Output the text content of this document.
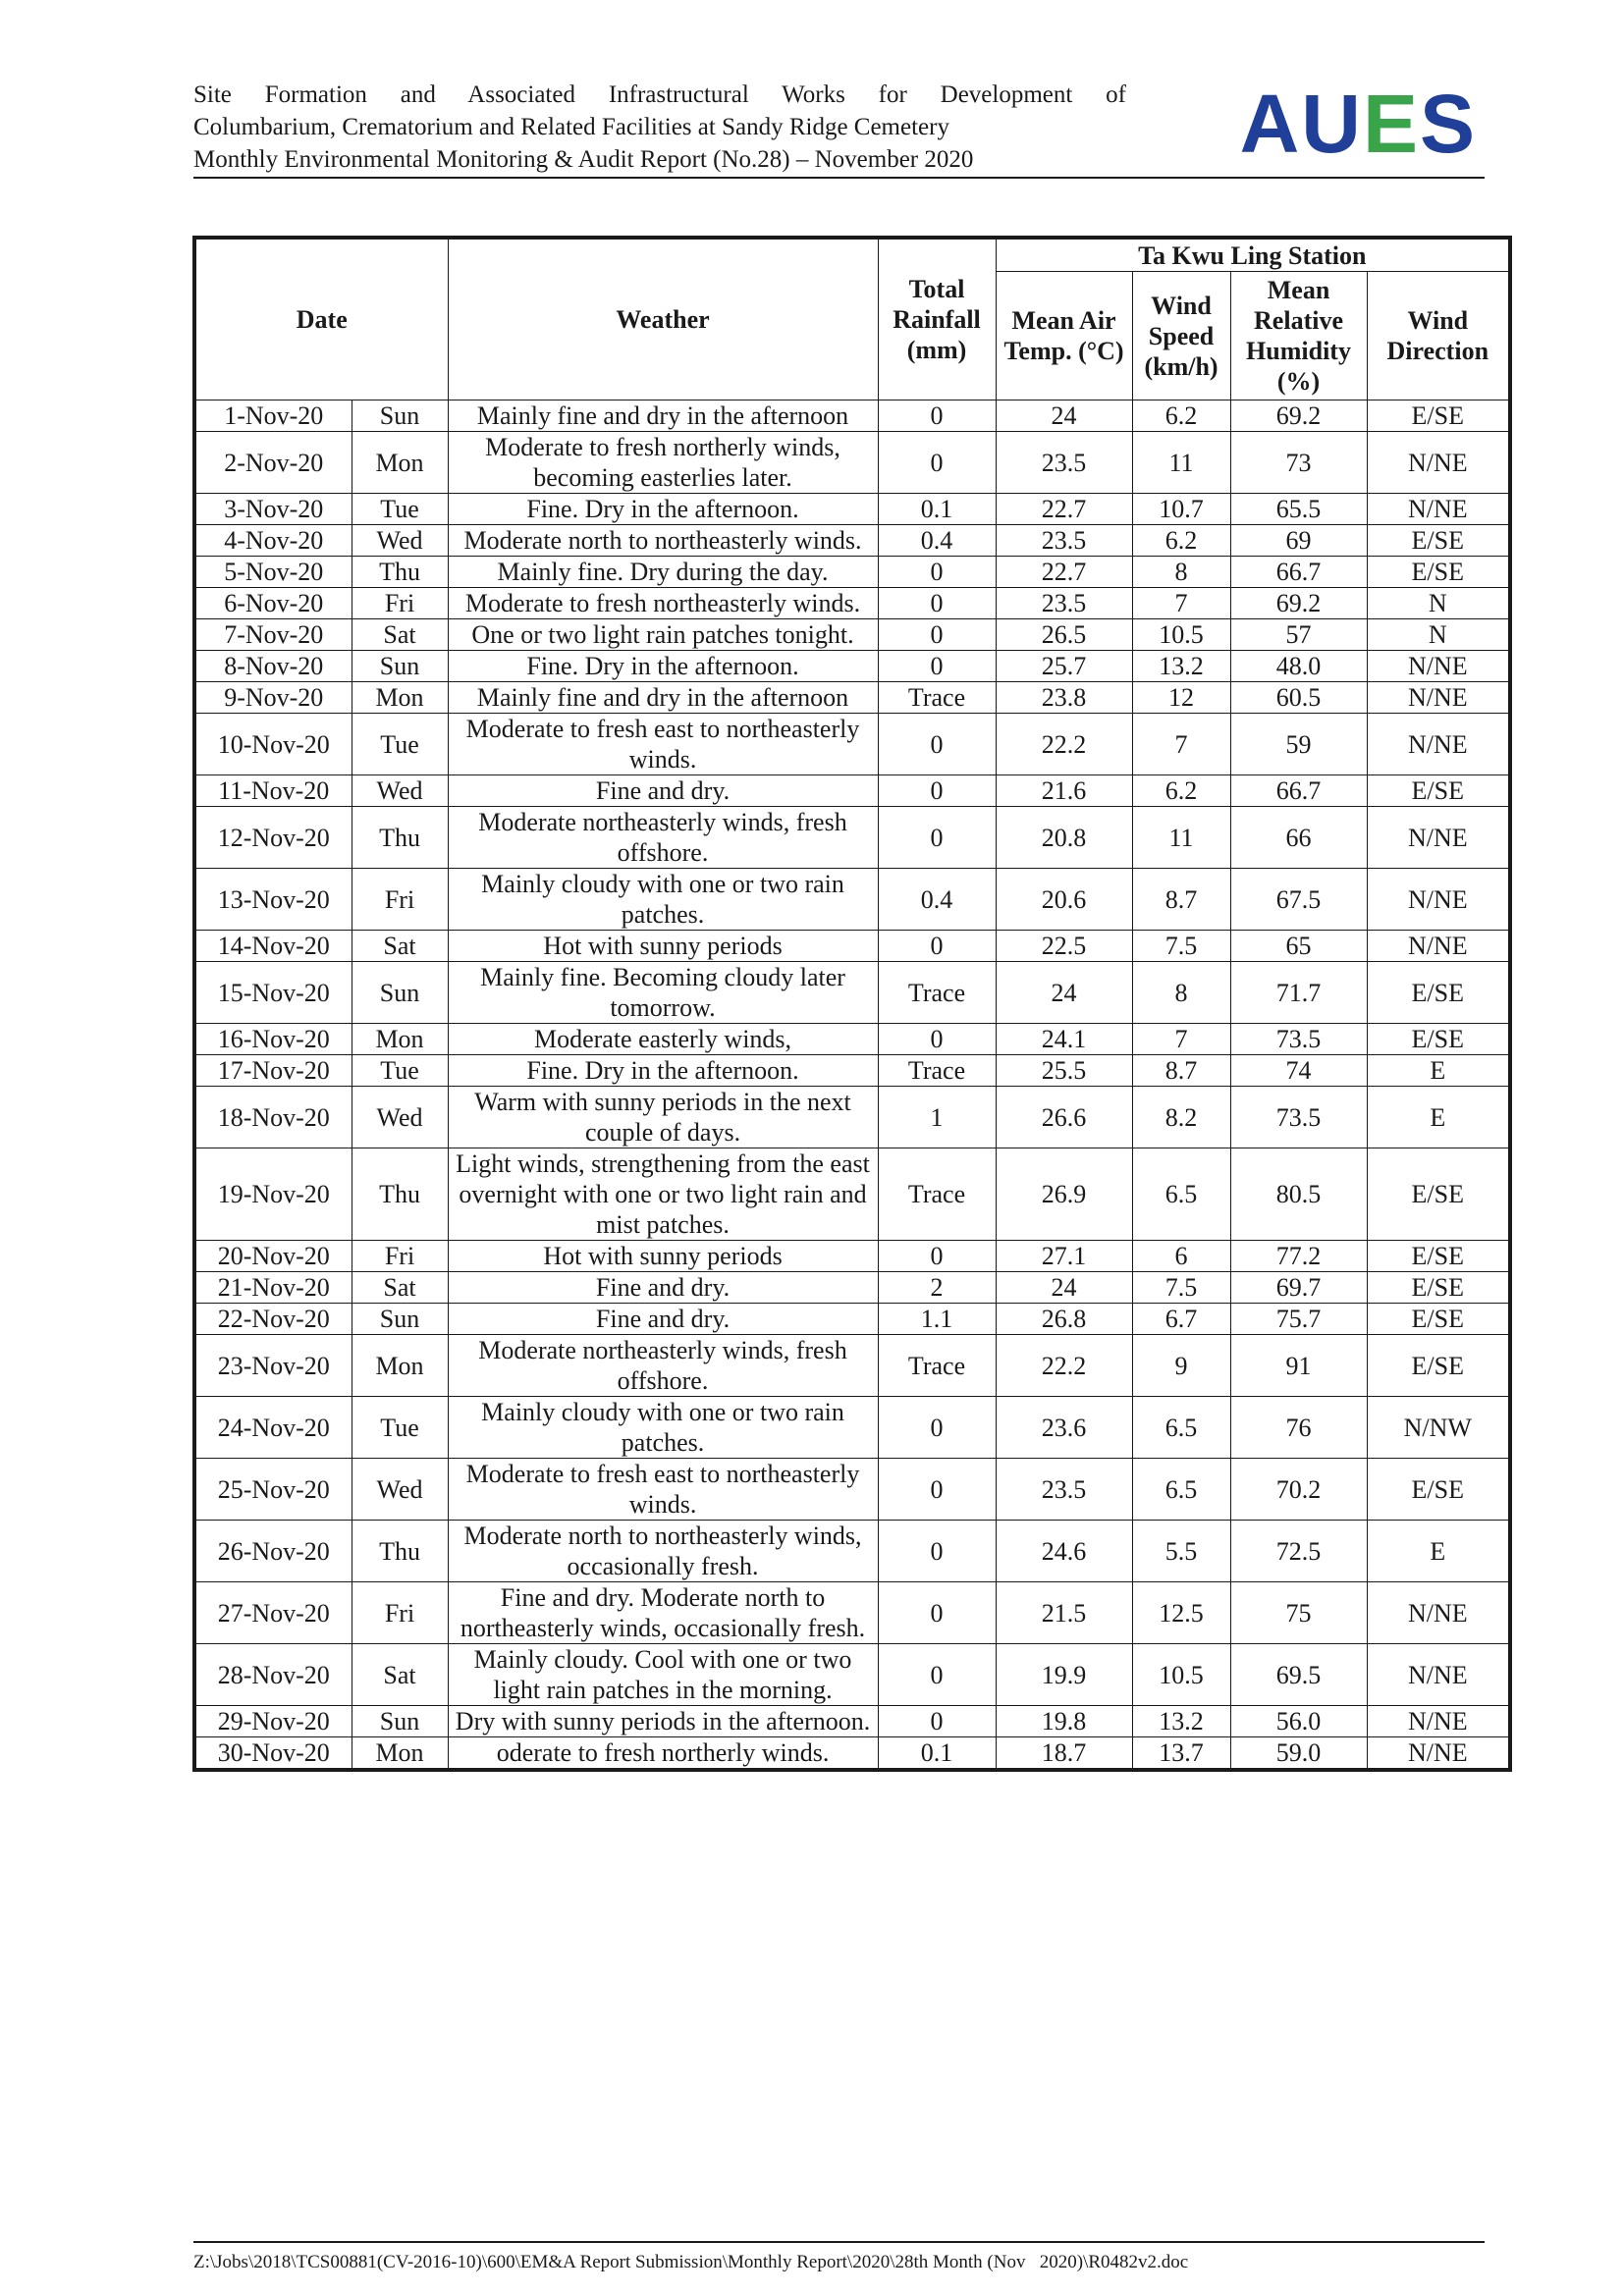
Site Formation and Associated Infrastructural Works for Development of
Columbarium, Crematorium and Related Facilities at Sandy Ridge Cemetery
Monthly Environmental Monitoring & Audit Report (No.28) – November 2020	AUES
Date		Weather	Total Rainfall (mm)	Ta Kwu Ling Station			
				Mean Air Temp. (°C)	Wind Speed (km/h)	Mean Relative Humidity (%)	Wind Direction
1-Nov-20	Sun	Mainly fine and dry in the afternoon	0	24	6.2	69.2	E/SE
2-Nov-20	Mon	Moderate to fresh northerly winds, becoming easterlies later.	0	23.5	11	73	N/NE
3-Nov-20	Tue	Fine. Dry in the afternoon.	0.1	22.7	10.7	65.5	N/NE
4-Nov-20	Wed	Moderate north to northeasterly winds.	0.4	23.5	6.2	69	E/SE
5-Nov-20	Thu	Mainly fine. Dry during the day.	0	22.7	8	66.7	E/SE
6-Nov-20	Fri	Moderate to fresh northeasterly winds.	0	23.5	7	69.2	N
7-Nov-20	Sat	One or two light rain patches tonight.	0	26.5	10.5	57	N
8-Nov-20	Sun	Fine. Dry in the afternoon.	0	25.7	13.2	48.0	N/NE
9-Nov-20	Mon	Mainly fine and dry in the afternoon	Trace	23.8	12	60.5	N/NE
10-Nov-20	Tue	Moderate to fresh east to northeasterly winds.	0	22.2	7	59	N/NE
11-Nov-20	Wed	Fine and dry.	0	21.6	6.2	66.7	E/SE
12-Nov-20	Thu	Moderate northeasterly winds, fresh offshore.	0	20.8	11	66	N/NE
13-Nov-20	Fri	Mainly cloudy with one or two rain patches.	0.4	20.6	8.7	67.5	N/NE
14-Nov-20	Sat	Hot with sunny periods	0	22.5	7.5	65	N/NE
15-Nov-20	Sun	Mainly fine. Becoming cloudy later tomorrow.	Trace	24	8	71.7	E/SE
16-Nov-20	Mon	Moderate easterly winds,	0	24.1	7	73.5	E/SE
17-Nov-20	Tue	Fine. Dry in the afternoon.	Trace	25.5	8.7	74	E
18-Nov-20	Wed	Warm with sunny periods in the next couple of days.	1	26.6	8.2	73.5	E
19-Nov-20	Thu	Light winds, strengthening from the east overnight with one or two light rain and mist patches.	Trace	26.9	6.5	80.5	E/SE
20-Nov-20	Fri	Hot with sunny periods	0	27.1	6	77.2	E/SE
21-Nov-20	Sat	Fine and dry.	2	24	7.5	69.7	E/SE
22-Nov-20	Sun	Fine and dry.	1.1	26.8	6.7	75.7	E/SE
23-Nov-20	Mon	Moderate northeasterly winds, fresh offshore.	Trace	22.2	9	91	E/SE
24-Nov-20	Tue	Mainly cloudy with one or two rain patches.	0	23.6	6.5	76	N/NW
25-Nov-20	Wed	Moderate to fresh east to northeasterly winds.	0	23.5	6.5	70.2	E/SE
26-Nov-20	Thu	Moderate north to northeasterly winds, occasionally fresh.	0	24.6	5.5	72.5	E
27-Nov-20	Fri	Fine and dry. Moderate north to northeasterly winds, occasionally fresh.	0	21.5	12.5	75	N/NE
28-Nov-20	Sat	Mainly cloudy. Cool with one or two light rain patches in the morning.	0	19.9	10.5	69.5	N/NE
29-Nov-20	Sun	Dry with sunny periods in the afternoon.	0	19.8	13.2	56.0	N/NE
30-Nov-20	Mon	oderate to fresh northerly winds.	0.1	18.7	13.7	59.0	N/NE
Z:\Jobs\2018\TCS00881(CV-2016-10)\600\EM&A Report Submission\Monthly Report\2020\28th Month (Nov   2020)\R0482v2.doc
